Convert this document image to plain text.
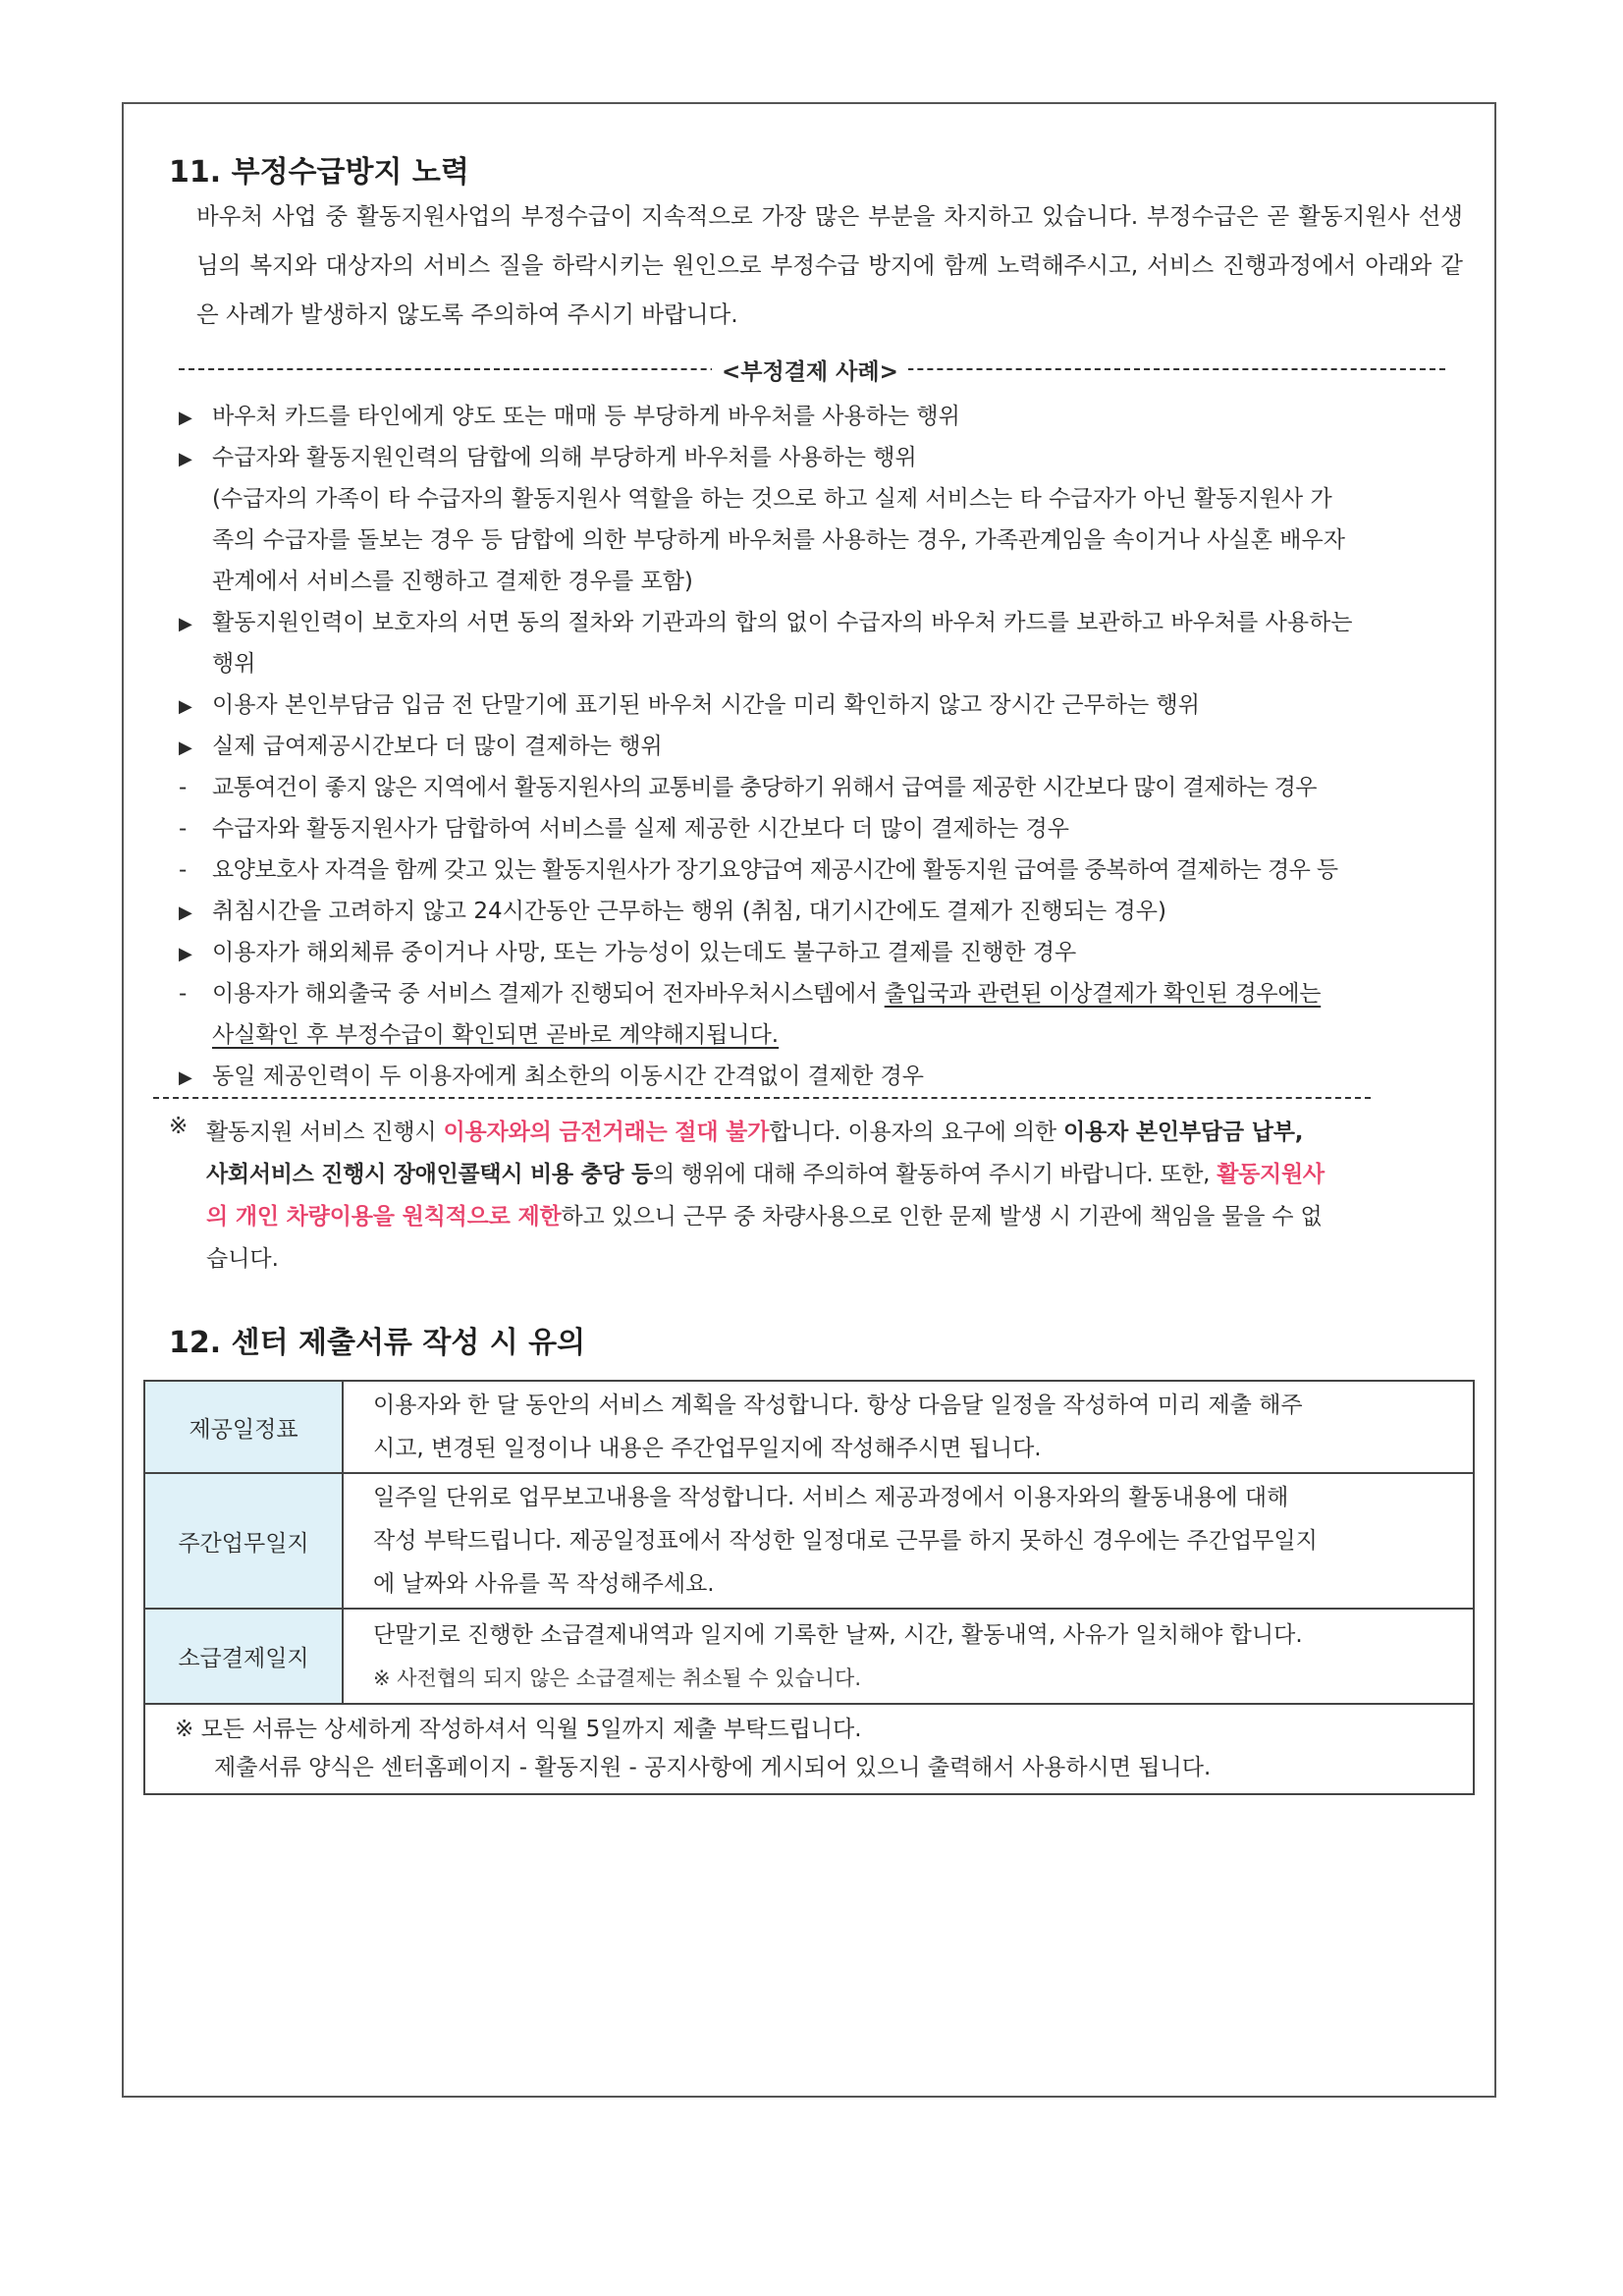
11. 부정수급방지 노력

바우처 사업 중 활동지원사업의 부정수급이 지속적으로 가장 많은 부분을 차지하고 있습니다. 부정수급은 곧 활동지원사 선생님의 복지와 대상자의 서비스 질을 하락시키는 원인으로 부정수급 방지에 함께 노력해주시고, 서비스 진행과정에서 아래와 같은 사례가 발생하지 않도록 주의하여 주시기 바랍니다.

<부정결제 사례>
▶ 바우처 카드를 타인에게 양도 또는 매매 등 부당하게 바우처를 사용하는 행위
▶ 수급자와 활동지원인력의 담합에 의해 부당하게 바우처를 사용하는 행위
(수급자의 가족이 타 수급자의 활동지원사 역할을 하는 것으로 하고 실제 서비스는 타 수급자가 아닌 활동지원사 가
족의 수급자를 돌보는 경우 등 담합에 의한 부당하게 바우처를 사용하는 경우, 가족관계임을 속이거나 사실혼 배우자
관계에서 서비스를 진행하고 결제한 경우를 포함)
▶ 활동지원인력이 보호자의 서면 동의 절차와 기관과의 합의 없이 수급자의 바우처 카드를 보관하고 바우처를 사용하는
행위
▶ 이용자 본인부담금 입금 전 단말기에 표기된 바우처 시간을 미리 확인하지 않고 장시간 근무하는 행위
▶ 실제 급여제공시간보다 더 많이 결제하는 행위
- 교통여건이 좋지 않은 지역에서 활동지원사의 교통비를 충당하기 위해서 급여를 제공한 시간보다 많이 결제하는 경우
- 수급자와 활동지원사가 담합하여 서비스를 실제 제공한 시간보다 더 많이 결제하는 경우
- 요양보호사 자격을 함께 갖고 있는 활동지원사가 장기요양급여 제공시간에 활동지원 급여를 중복하여 결제하는 경우 등
▶ 취침시간을 고려하지 않고 24시간동안 근무하는 행위 (취침, 대기시간에도 결제가 진행되는 경우)
▶ 이용자가 해외체류 중이거나 사망, 또는 가능성이 있는데도 불구하고 결제를 진행한 경우
- 이용자가 해외출국 중 서비스 결제가 진행되어 전자바우처시스템에서 출입국과 관련된 이상결제가 확인된 경우에는
사실확인 후 부정수급이 확인되면 곧바로 계약해지됩니다.
▶ 동일 제공인력이 두 이용자에게 최소한의 이동시간 간격없이 결제한 경우
※ 활동지원 서비스 진행시 이용자와의 금전거래는 절대 불가합니다. 이용자의 요구에 의한 이용자 본인부담금 납부,
사회서비스 진행시 장애인콜택시 비용 충당 등의 행위에 대해 주의하여 활동하여 주시기 바랍니다. 또한, 활동지원사
의 개인 차량이용을 원칙적으로 제한하고 있으니 근무 중 차량사용으로 인한 문제 발생 시 기관에 책임을 물을 수 없
습니다.
12. 센터 제출서류 작성 시 유의
제공일정표	이용자와 한 달 동안의 서비스 계획을 작성합니다. 항상 다음달 일정을 작성하여 미리 제출 해주
시고, 변경된 일정이나 내용은 주간업무일지에 작성해주시면 됩니다.

주간업무일지	일주일 단위로 업무보고내용을 작성합니다. 서비스 제공과정에서 이용자와의 활동내용에 대해
작성 부탁드립니다. 제공일정표에서 작성한 일정대로 근무를 하지 못하신 경우에는 주간업무일지
에 날짜와 사유를 꼭 작성해주세요.

소급결제일지	단말기로 진행한 소급결제내역과 일지에 기록한 날짜, 시간, 활동내역, 사유가 일치해야 합니다.
※ 사전협의 되지 않은 소급결제는 취소될 수 있습니다.

※ 모든 서류는 상세하게 작성하셔서 익월 5일까지 제출 부탁드립니다.
제출서류 양식은 센터홈페이지 - 활동지원 - 공지사항에 게시되어 있으니 출력해서 사용하시면 됩니다.	
